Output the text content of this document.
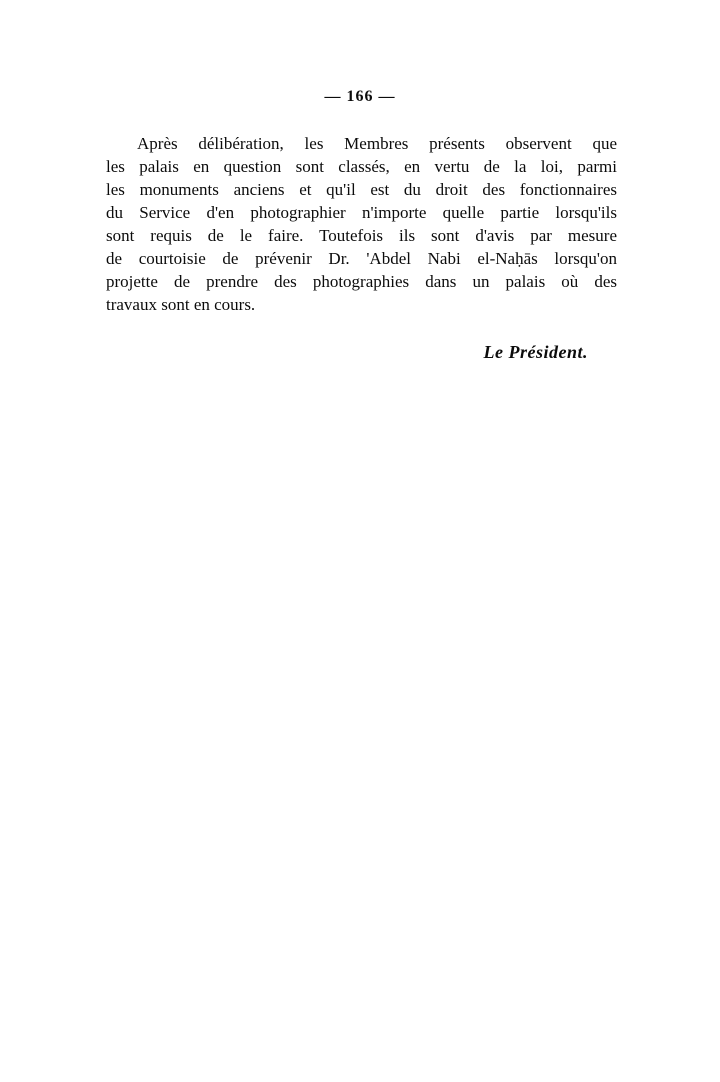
— 166 —
Après délibération, les Membres présents observent que
les palais en question sont classés, en vertu de la loi, parmi
les monuments anciens et qu'il est du droit des fonctionnaires
du Service d'en photographier n'importe quelle partie lorsqu'ils
sont requis de le faire. Toutefois ils sont d'avis par mesure
de courtoisie de prévenir Dr. 'Abdel Nabi el-Naḥās lorsqu'on
projette de prendre des photographies dans un palais où des
travaux sont en cours.
Le Président.
